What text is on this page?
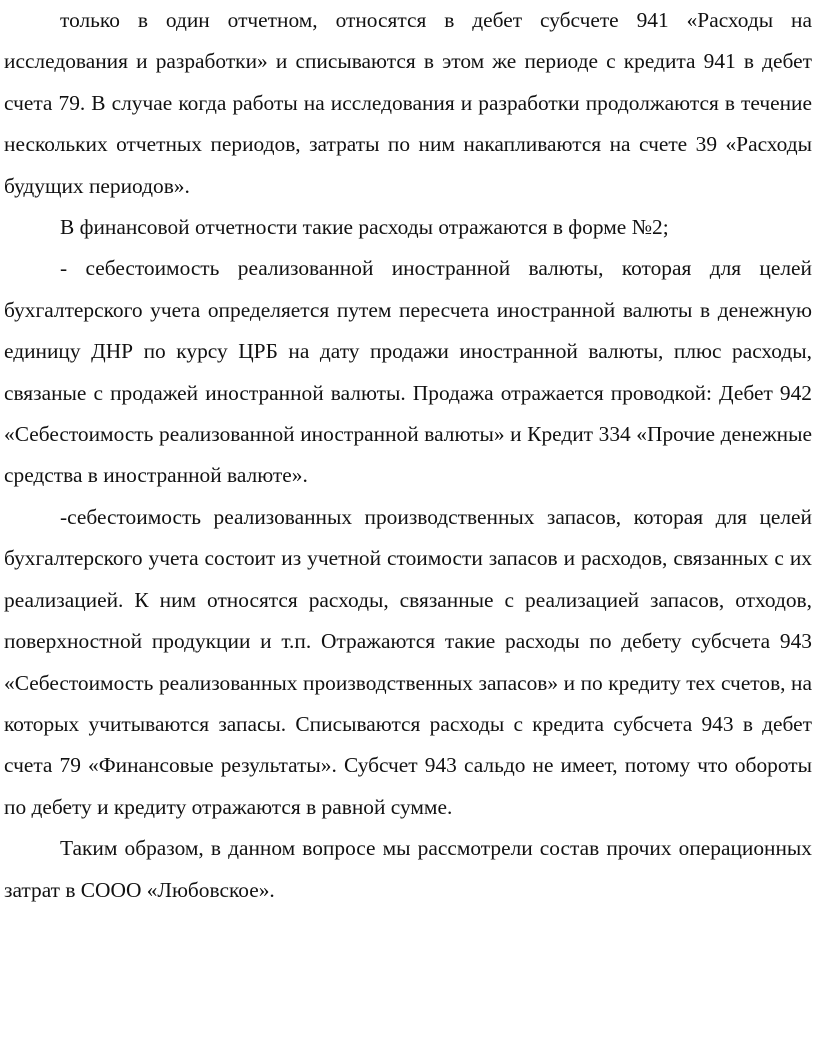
только в один отчетном, относятся в дебет субсчете 941 «Расходы на исследования и разработки» и списываются в этом же периоде с кредита 941 в дебет счета 79. В случае когда работы на исследования и разработки продолжаются в течение нескольких отчетных периодов, затраты по ним накапливаются на счете 39 «Расходы будущих периодов».

В финансовой отчетности такие расходы отражаются в форме №2;

- себестоимость реализованной иностранной валюты, которая для целей бухгалтерского учета определяется путем пересчета иностранной валюты в денежную единицу ДНР по курсу ЦРБ на дату продажи иностранной валюты, плюс расходы, связаные с продажей иностранной валюты. Продажа отражается проводкой: Дебет 942 «Себестоимость реализованной иностранной валюты» и Кредит 334 «Прочие денежные средства в иностранной валюте».

-себестоимость реализованных производственных запасов, которая для целей бухгалтерского учета состоит из учетной стоимости запасов и расходов, связанных с их реализацией. К ним относятся расходы, связанные с реализацией запасов, отходов, поверхностной продукции и т.п. Отражаются такие расходы по дебету субсчета 943 «Себестоимость реализованных производственных запасов» и по кредиту тех счетов, на которых учитываются запасы. Списываются расходы с кредита субсчета 943 в дебет счета 79 «Финансовые результаты». Субсчет 943 сальдо не имеет, потому что обороты по дебету и кредиту отражаются в равной сумме.

Таким образом, в данном вопросе мы рассмотрели состав прочих операционных затрат в СООО «Любовское».
